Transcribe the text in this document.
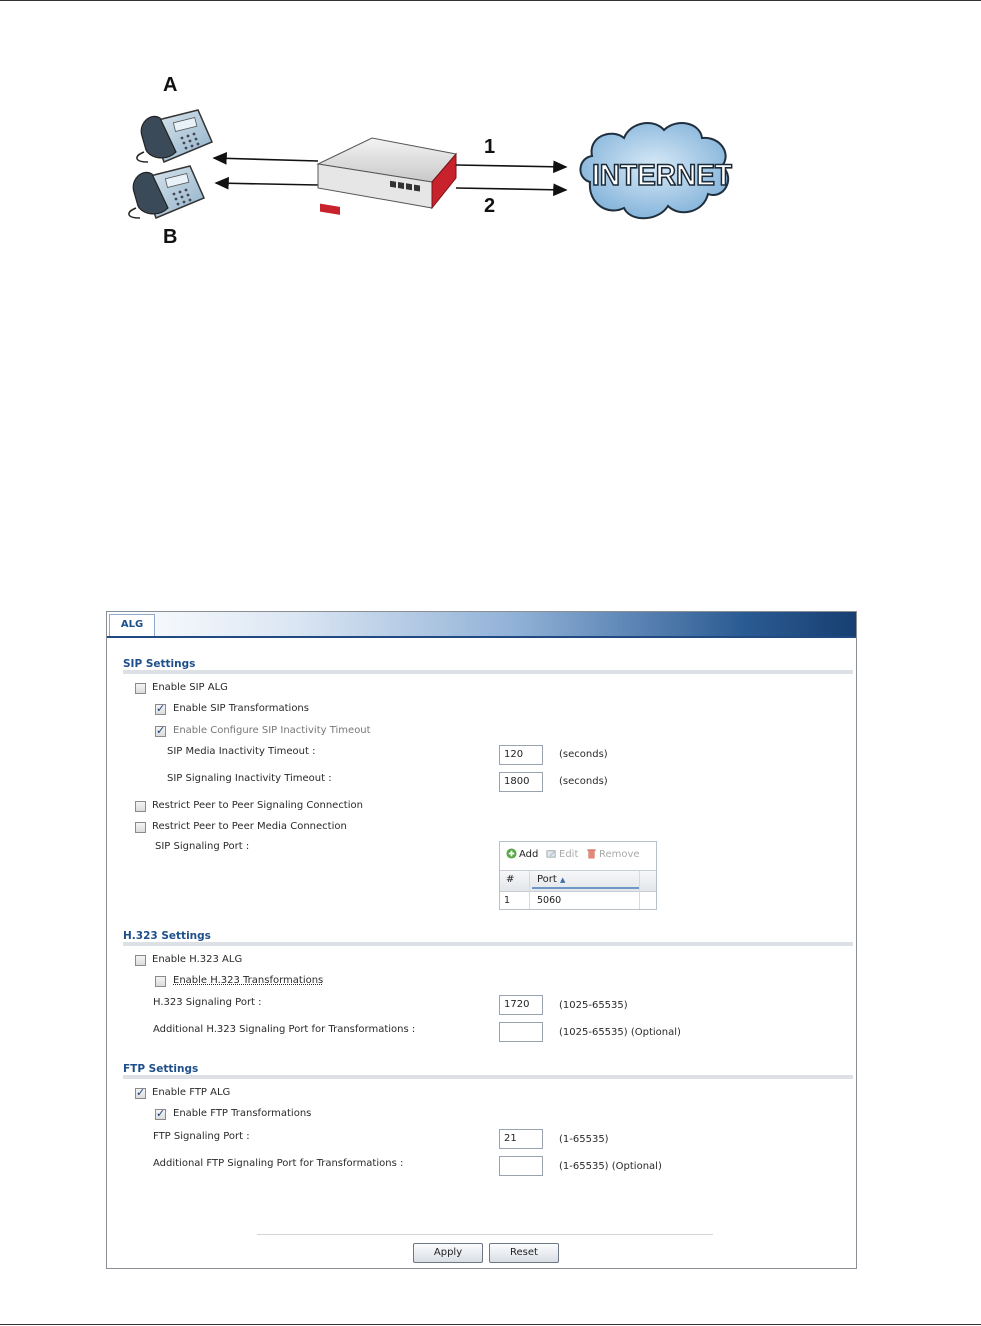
INTERNET
A
B
1
2
ALG
SIP Settings
Enable SIP ALG
✓
Enable SIP Transformations
✓
Enable Configure SIP Inactivity Timeout
SIP Media Inactivity Timeout :	120	(seconds)
SIP Signaling Inactivity Timeout :	1800	(seconds)
Restrict Peer to Peer Signaling Connection
Restrict Peer to Peer Media Connection
SIP Signaling Port :
Add	Edit	Remove
# Port ▲
1	5060
H.323 Settings
Enable H.323 ALG
Enable H.323 Transformations
H.323 Signaling Port :	1720	(1025-65535)
Additional H.323 Signaling Port for Transformations :	(1025-65535) (Optional)
FTP Settings
✓
Enable FTP ALG
✓
Enable FTP Transformations
FTP Signaling Port :	21	(1-65535)
Additional FTP Signaling Port for Transformations :	(1-65535) (Optional)
Apply	Reset
